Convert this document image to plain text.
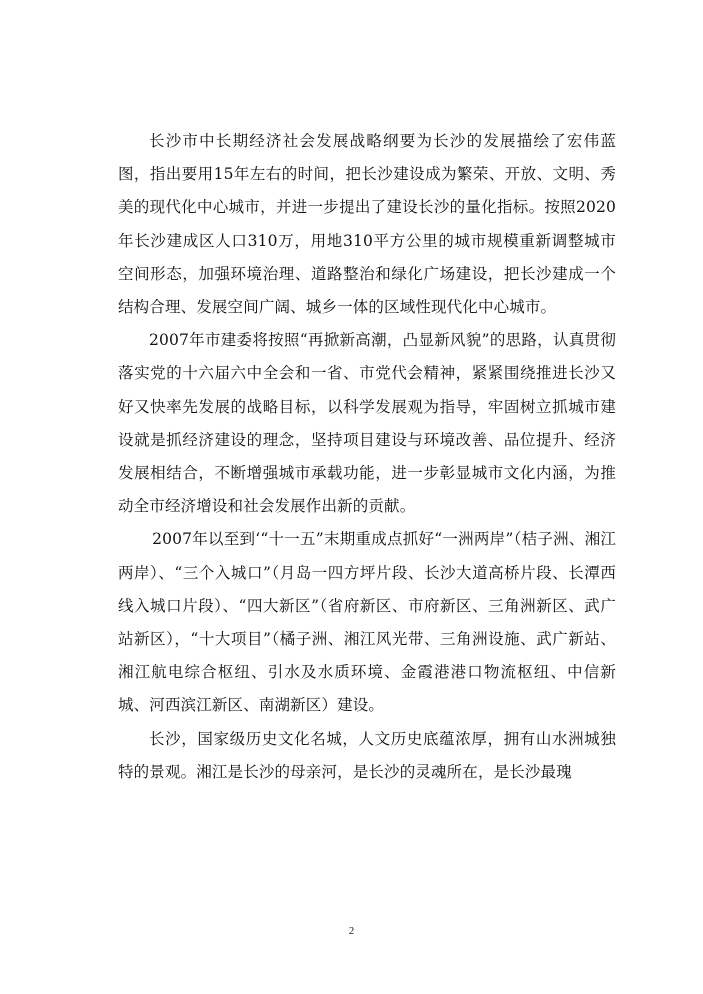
长沙市中长期经济社会发展战略纲要为长沙的发展描绘了宏伟蓝图，指出要用15年左右的时间，把长沙建设成为繁荣、开放、文明、秀美的现代化中心城市，并进一步提出了建设长沙的量化指标。按照2020年长沙建成区人口310万，用地310平方公里的城市规模重新调整城市空间形态，加强环境治理、道路整治和绿化广场建设，把长沙建成一个结构合理、发展空间广阔、城乡一体的区域性现代化中心城市。

2007年市建委将按照“再掀新高潮，凸显新风貌”的思路，认真贯彻落实党的十六届六中全会和一省、市党代会精神，紧紧围绕推进长沙又好又快率先发展的战略目标，以科学发展观为指导，牢固树立抓城市建设就是抓经济建设的理念，坚持项目建设与环境改善、品位提升、经济发展相结合，不断增强城市承载功能，进一步彰显城市文化内涵，为推动全市经济增设和社会发展作出新的贡献。

2007年以至到‘“十一五”末期重成点抓好“一洲两岸”（桔子洲、湘江两岸）、“三个入城口”（月岛一四方坪片段、长沙大道高桥片段、长潭西线入城口片段）、“四大新区”（省府新区、市府新区、三角洲新区、武广站新区），“十大项目”（橘子洲、湘江风光带、三角洲设施、武广新站、湘江航电综合枢纽、引水及水质环境、金霞港港口物流枢纽、中信新城、河西滨江新区、南湖新区）建设。

长沙，国家级历史文化名城，人文历史底蕴浓厚，拥有山水洲城独特的景观。湘江是长沙的母亲河，是长沙的灵魂所在，是长沙最瑰

2
